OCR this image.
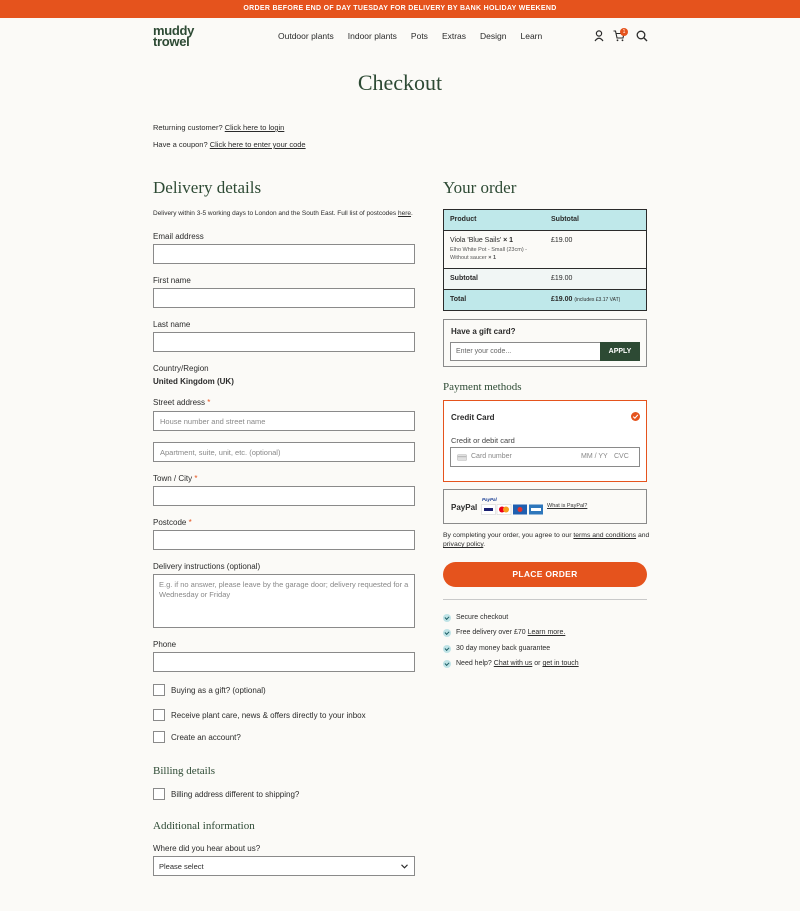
ORDER BEFORE END OF DAY TUESDAY FOR DELIVERY BY BANK HOLIDAY WEEKEND
muddy
trowel	Outdoor plants Indoor plants Pots Extras Design Learn	1
Checkout
Returning customer? Click here to login
Have a coupon? Click here to enter your code
Delivery details
Delivery within 3-5 working days to London and the South East. Full list of postcodes here.
Email address
First name
Last name
Country/Region
United Kingdom (UK)
Street address *
House number and street name
Apartment, suite, unit, etc. (optional)
Town / City *
Postcode *
Delivery instructions (optional)
E.g. if no answer, please leave by the garage door; delivery requested for a Wednesday or Friday
Phone
Buying as a gift? (optional)
Receive plant care, news & offers directly to your inbox
Create an account?
Billing details
Billing address different to shipping?
Additional information
Where did you hear about us?
Please select
Your order
Product	Subtotal
Viola 'Blue Sails' × 1
Elho White Pot - Small (23cm) - Without saucer × 1
£19.00
Subtotal	£19.00
Total	£19.00 (includes £3.17 VAT)
Have a gift card?
Enter your code...	APPLY
Payment methods
Credit Card
Credit or debit card
Card number	MM / YY CVC
PayPal
PayPal
What is PayPal?
By completing your order, you agree to our terms and conditions and privacy policy.
PLACE ORDER
Secure checkout
Free delivery over £70 Learn more.
30 day money back guarantee
Need help? Chat with us or get in touch
